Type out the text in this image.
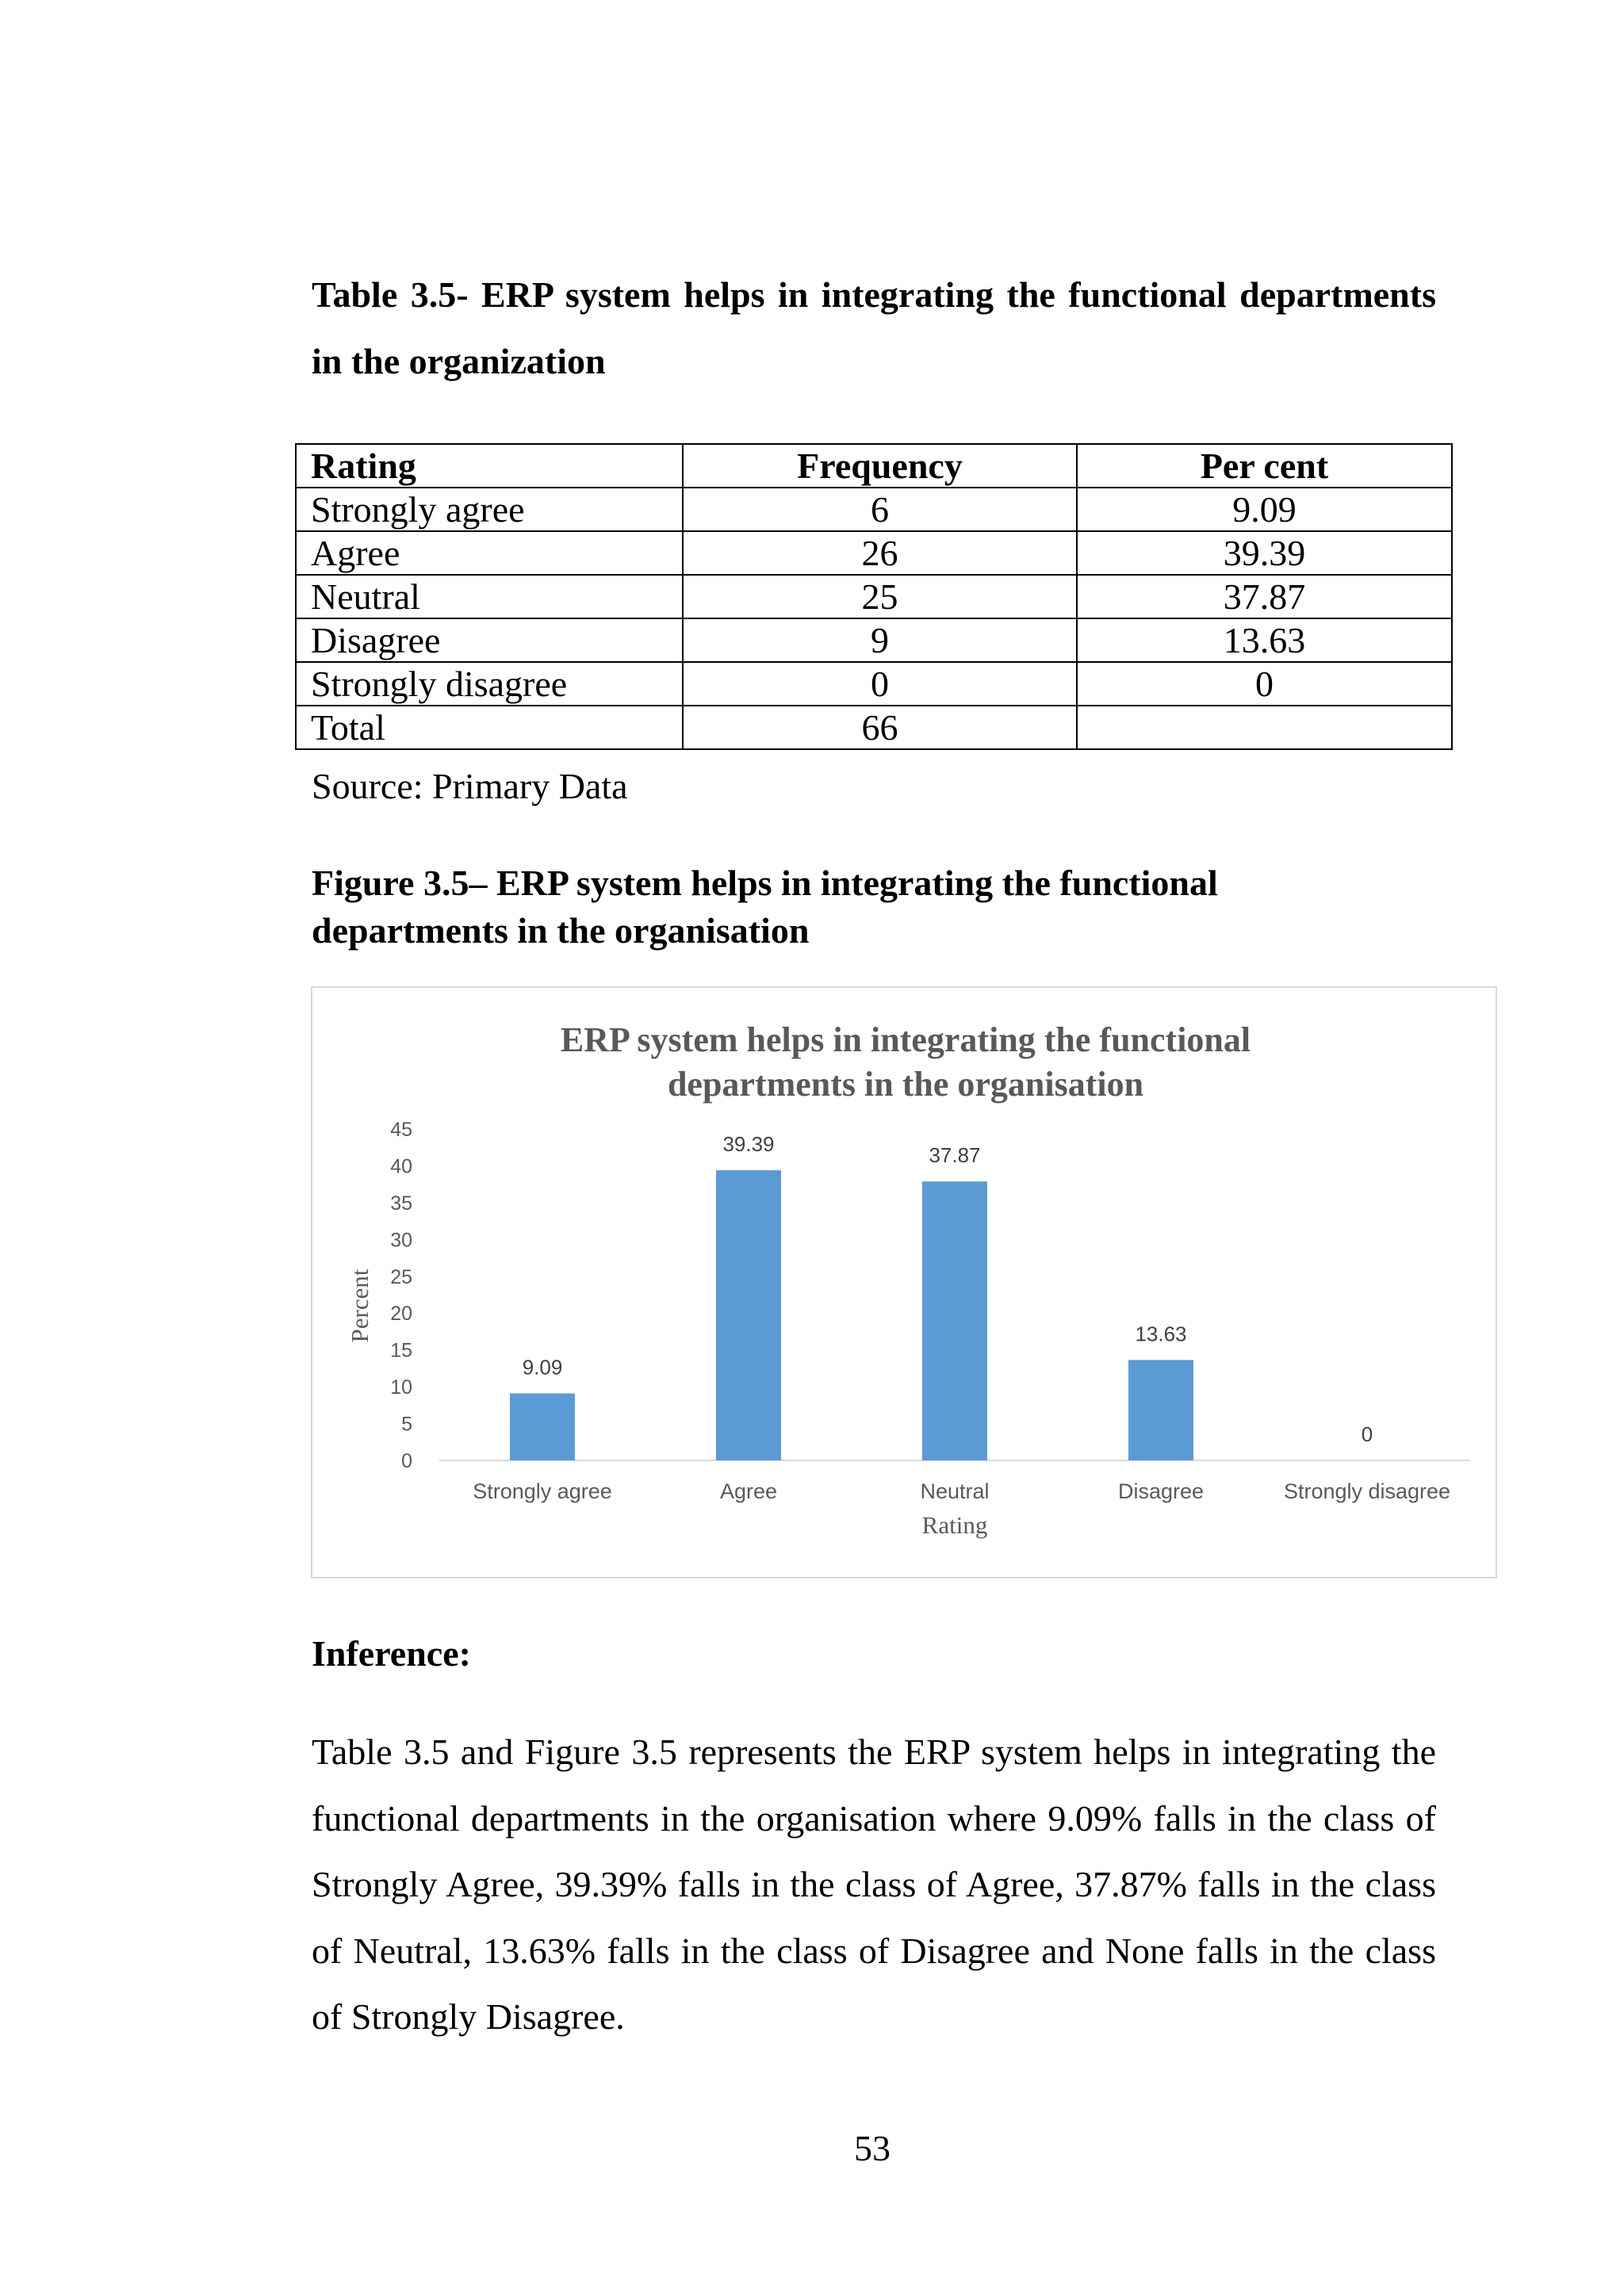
Table 3.5- ERP system helps in integrating the functional departments in the organization
Rating	Frequency	Per cent
Strongly agree	6	9.09
Agree	26	39.39
Neutral	25	37.87
Disagree	9	13.63
Strongly disagree	0	0
Total	66	
Source: Primary Data
Figure 3.5– ERP system helps in integrating the functional
departments in the organisation
ERP system helps in integrating the functional
departments in the organisation
0
5
10
15
20
25
30
35
40
45
9.09
Strongly agree
39.39
Agree
37.87
Neutral
13.63
Disagree
0
Strongly disagree
Rating
Percent
Inference:

Table 3.5 and Figure 3.5 represents the ERP system helps in integrating the functional departments in the organisation where 9.09% falls in the class of Strongly Agree, 39.39% falls in the class of Agree, 37.87% falls in the class of Neutral, 13.63% falls in the class of Disagree and None falls in the class of Strongly Disagree.

53
